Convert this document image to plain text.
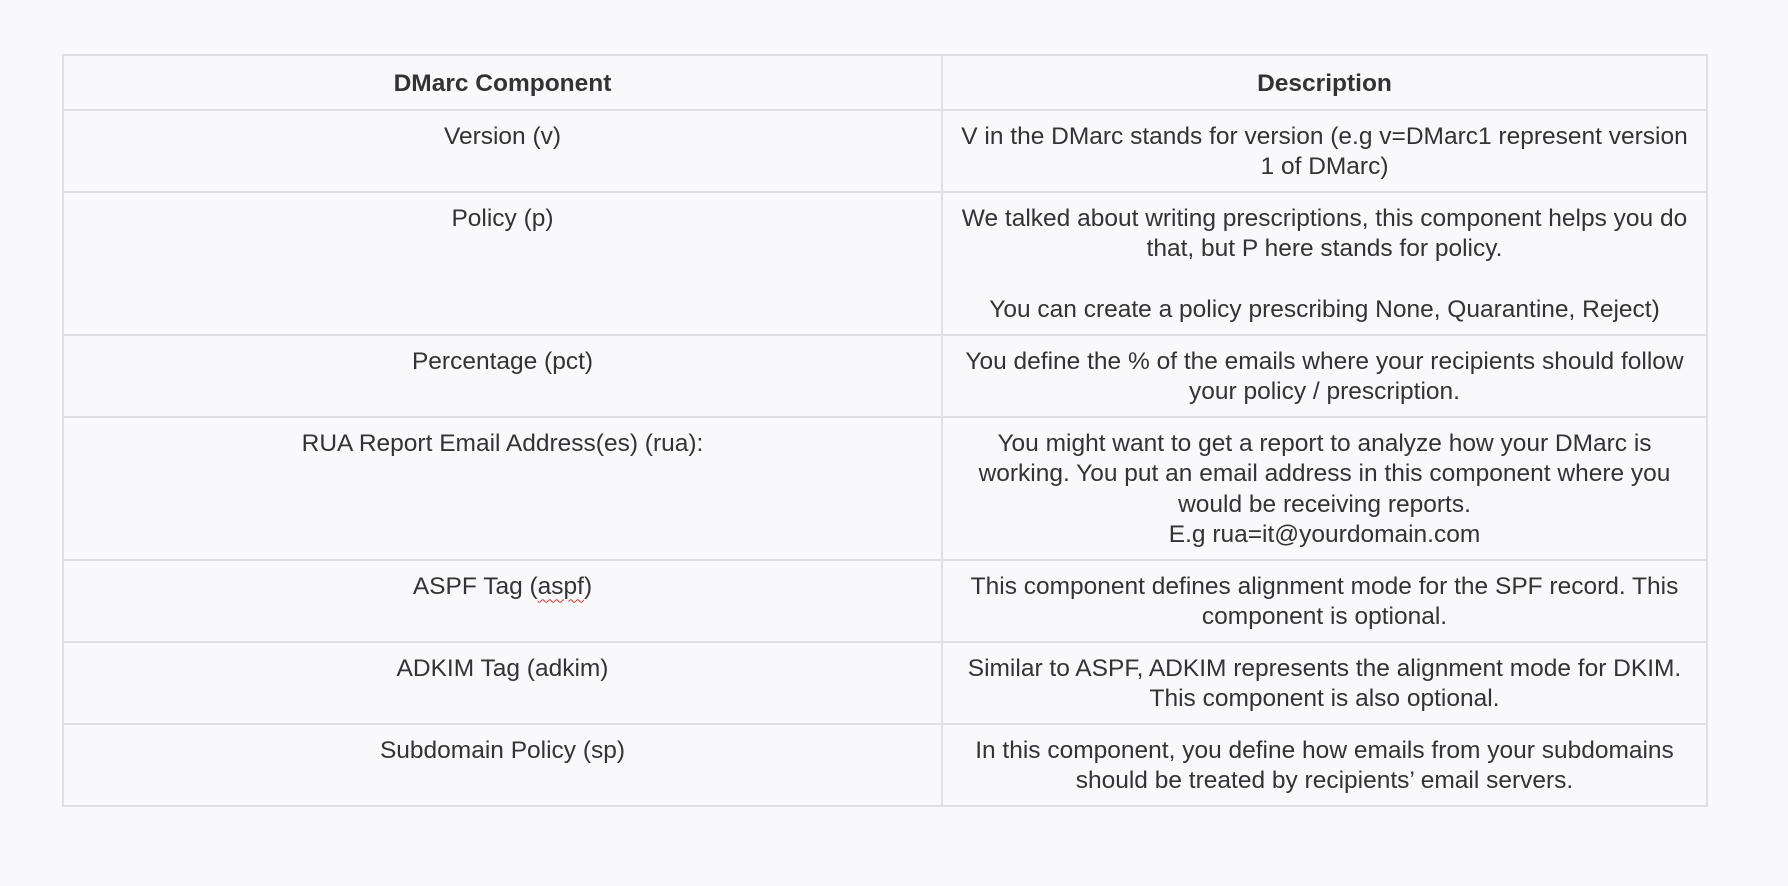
DMarc Component	Description
Version (v)	V in the DMarc stands for version (e.g v=DMarc1 represent version 1 of DMarc)
Policy (p)	We talked about writing prescriptions, this component helps you do that, but P here stands for policy.
You can create a policy prescribing None, Quarantine, Reject)

Percentage (pct)	You define the % of the emails where your recipients should follow your policy / prescription.
RUA Report Email Address(es) (rua):	You might want to get a report to analyze how your DMarc is working. You put an email address in this component where you would be receiving reports.
E.g rua=it@yourdomain.com

ASPF Tag (aspf)	This component defines alignment mode for the SPF record. This component is optional.
ADKIM Tag (adkim)	Similar to ASPF, ADKIM represents the alignment mode for DKIM. This component is also optional.
Subdomain Policy (sp)	In this component, you define how emails from your subdomains should be treated by recipients’ email servers.
